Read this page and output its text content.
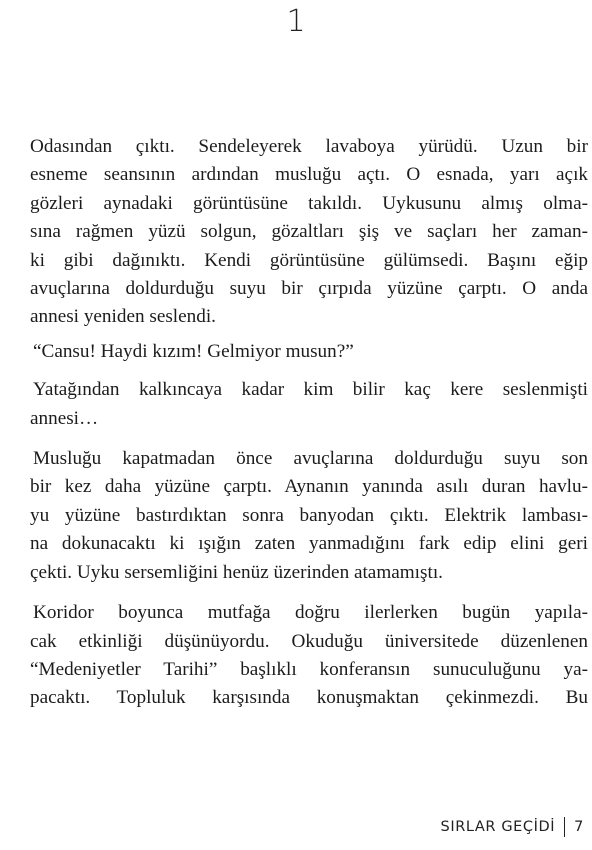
1
Odasından çıktı. Sendeleyerek lavaboya yürüdü. Uzun bir
esneme seansının ardından musluğu açtı. O esnada, yarı açık
gözleri aynadaki görüntüsüne takıldı. Uykusunu almış olma-
sına rağmen yüzü solgun, gözaltları şiş ve saçları her zaman-
ki gibi dağınıktı. Kendi görüntüsüne gülümsedi. Başını eğip
avuçlarına doldurduğu suyu bir çırpıda yüzüne çarptı. O anda
annesi yeniden seslendi.
“Cansu! Haydi kızım! Gelmiyor musun?”
Yatağından kalkıncaya kadar kim bilir kaç kere seslenmişti
annesi…
Musluğu kapatmadan önce avuçlarına doldurduğu suyu son
bir kez daha yüzüne çarptı. Aynanın yanında asılı duran havlu-
yu yüzüne bastırdıktan sonra banyodan çıktı. Elektrik lambası-
na dokunacaktı ki ışığın zaten yanmadığını fark edip elini geri
çekti. Uyku sersemliğini henüz üzerinden atamamıştı.
Koridor boyunca mutfağa doğru ilerlerken bugün yapıla-
cak etkinliği düşünüyordu. Okuduğu üniversitede düzenlenen
“Medeniyetler Tarihi” başlıklı konferansın sunuculuğunu ya-
pacaktı. Topluluk karşısında konuşmaktan çekinmezdi. Bu
SIRLAR GEÇİDİ 7
